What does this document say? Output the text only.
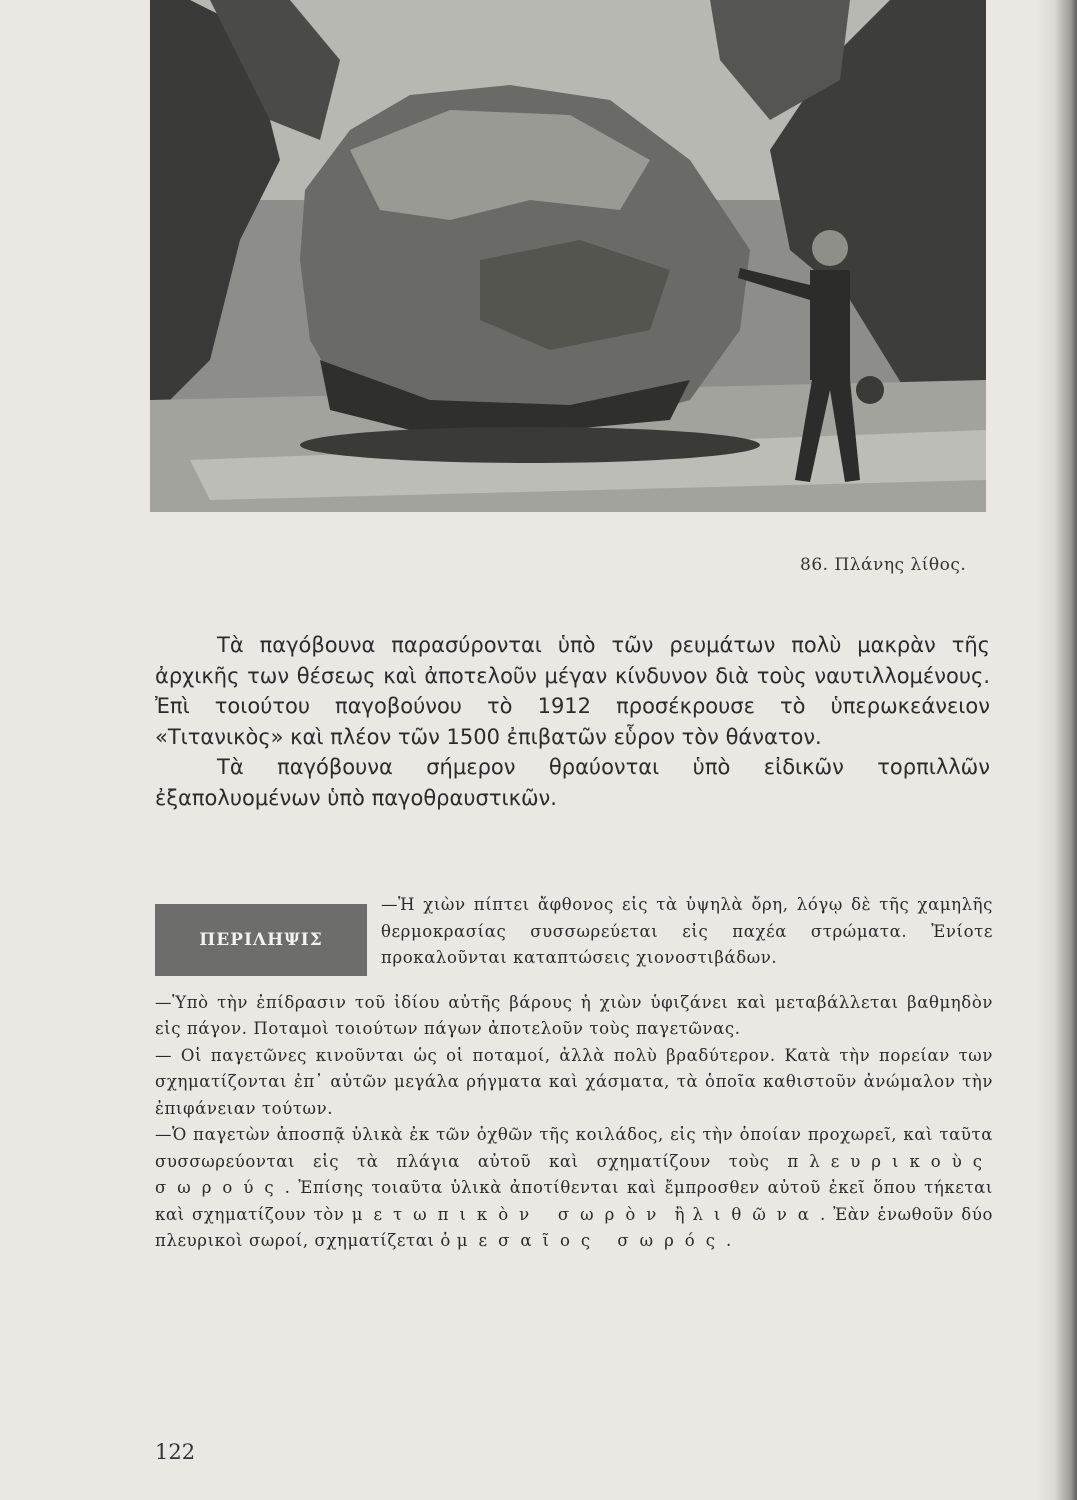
86. Πλάνης λίθος.

Τὰ παγόβουνα παρασύρονται ὑπὸ τῶν ρευμάτων πολὺ μακρὰν τῆς ἀρχικῆς των θέσεως καὶ ἀποτελοῦν μέγαν κίνδυνον διὰ τοὺς ναυτιλλομένους. Ἐπὶ τοιούτου παγοβούνου τὸ 1912 προσέκρουσε τὸ ὑπερωκεάνειον «Τιτανικὸς» καὶ πλέον τῶν 1500 ἐπιβατῶν εὗρον τὸν θάνατον.

Τὰ παγόβουνα σήμερον θραύονται ὑπὸ εἰδικῶν τορπιλλῶν ἐξαπολυομένων ὑπὸ παγοθραυστικῶν.

ΠΕΡΙΛΗΨΙΣ
—Ἡ χιὼν πίπτει ἄφθονος εἰς τὰ ὑψηλὰ ὄρη, λόγῳ δὲ τῆς χαμηλῆς θερμοκρασίας συσσωρεύεται εἰς παχέα στρώματα. Ἐνίοτε προκαλοῦνται καταπτώσεις χιονοστιβάδων.

—Ὑπὸ τὴν ἐπίδρασιν τοῦ ἰδίου αὐτῆς βάρους ἡ χιὼν ὑφιζάνει καὶ μεταβάλλεται βαθμηδὸν εἰς πάγον. Ποταμοὶ τοιούτων πάγων ἀποτελοῦν τοὺς παγετῶνας.

— Οἱ παγετῶνες κινοῦνται ὡς οἱ ποταμοί, ἀλλὰ πολὺ βραδύτερον. Κατὰ τὴν πορείαν των σχηματίζονται ἐπ᾽ αὐτῶν μεγάλα ρήγματα καὶ χάσματα, τὰ ὁποῖα καθιστοῦν ἀνώμαλον τὴν ἐπιφάνειαν τούτων.

—Ὁ παγετὼν ἀποσπᾷ ὑλικὰ ἐκ τῶν ὀχθῶν τῆς κοιλάδος, εἰς τὴν ὁποίαν προχωρεῖ, καὶ ταῦτα συσσωρεύονται εἰς τὰ πλάγια αὐτοῦ καὶ σχηματίζουν τοὺς πλευρικοὺς σωρούς. Ἐπίσης τοιαῦτα ὑλικὰ ἀποτίθενται καὶ ἔμπροσθεν αὐτοῦ ἐκεῖ ὅπου τήκεται καὶ σχηματίζουν τὸν μετωπικὸν σωρὸν ἢ λιθῶνα. Ἐὰν ἑνωθοῦν δύο πλευρικοὶ σωροί, σχηματίζεται ὁ μεσαῖος σωρός.

122
